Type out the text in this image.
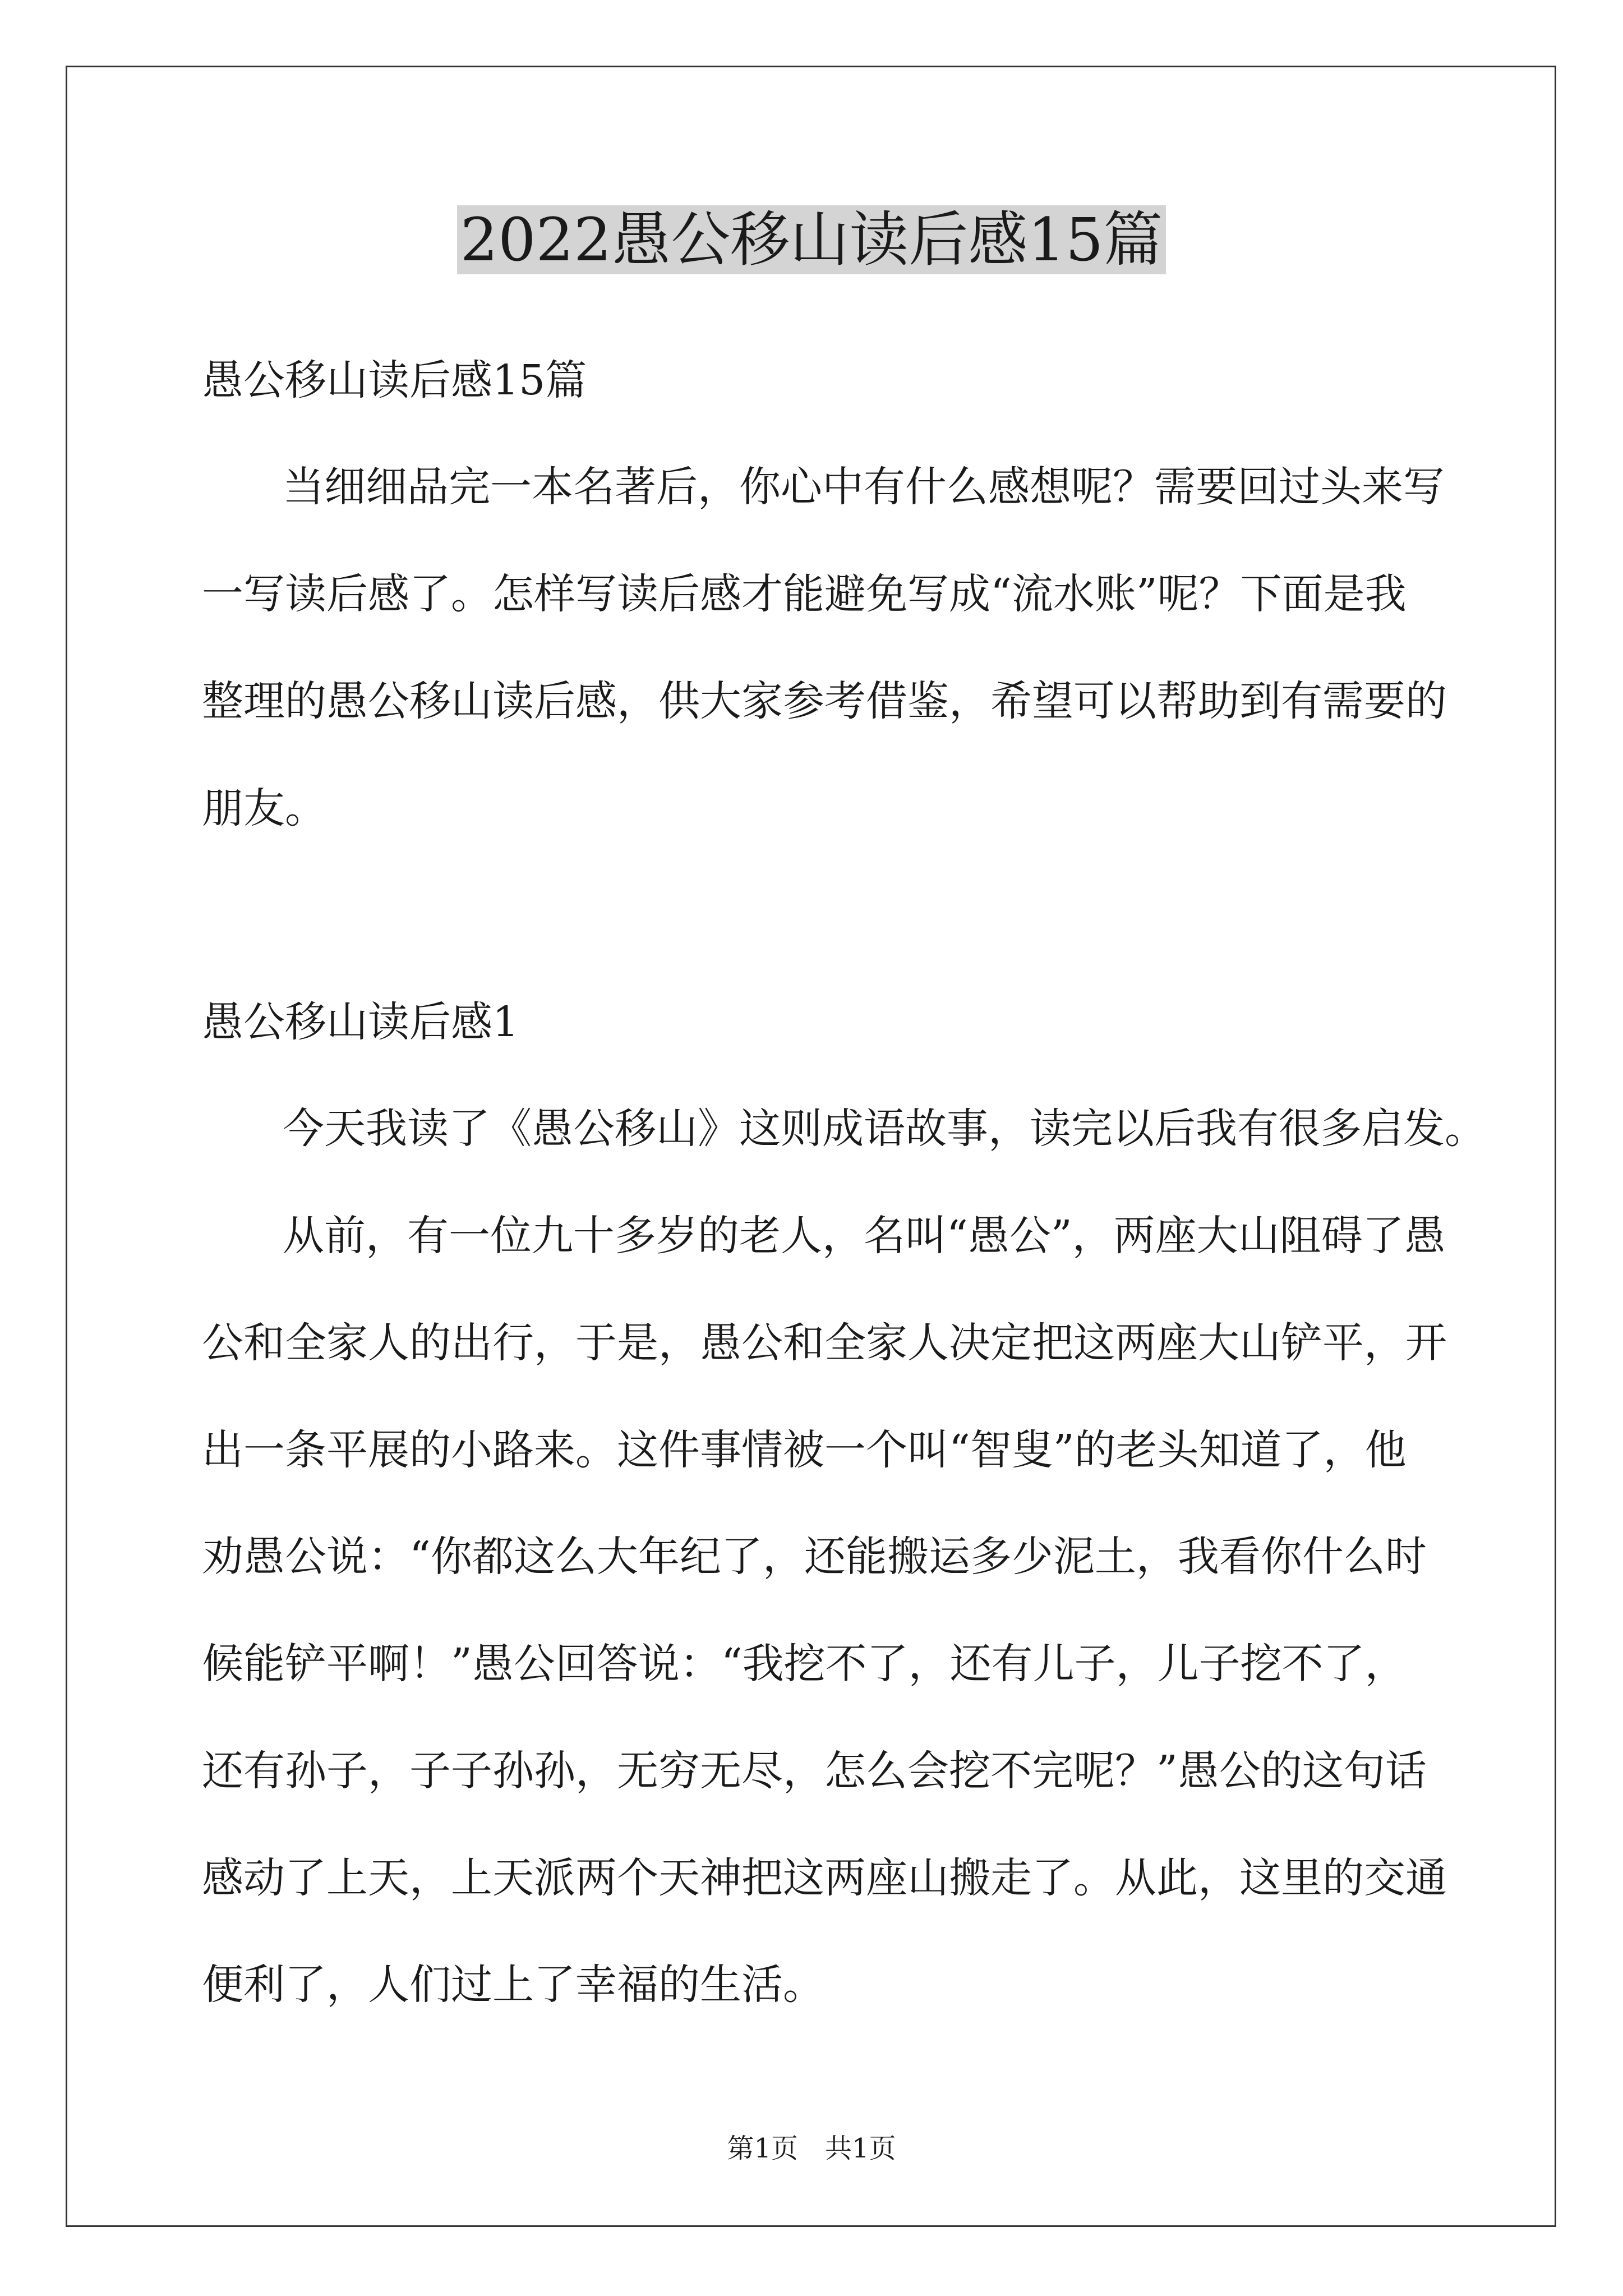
2022愚公移山读后感15篇
愚公移山读后感15篇
当细细品完一本名著后，你心中有什么感想呢？需要回过头来写
一写读后感了。怎样写读后感才能避免写成“流水账”呢？下面是我
整理的愚公移山读后感，供大家参考借鉴，希望可以帮助到有需要的
朋友。
愚公移山读后感1
今天我读了《愚公移山》这则成语故事，读完以后我有很多启发。
从前，有一位九十多岁的老人，名叫“愚公”，两座大山阻碍了愚
公和全家人的出行，于是，愚公和全家人决定把这两座大山铲平，开
出一条平展的小路来。这件事情被一个叫“智叟”的老头知道了，他
劝愚公说：“你都这么大年纪了，还能搬运多少泥土，我看你什么时
候能铲平啊！”愚公回答说：“我挖不了，还有儿子，儿子挖不了，
还有孙子，子子孙孙，无穷无尽，怎么会挖不完呢？”愚公的这句话
感动了上天，上天派两个天神把这两座山搬走了。从此，这里的交通
便利了，人们过上了幸福的生活。
第1页　共1页
